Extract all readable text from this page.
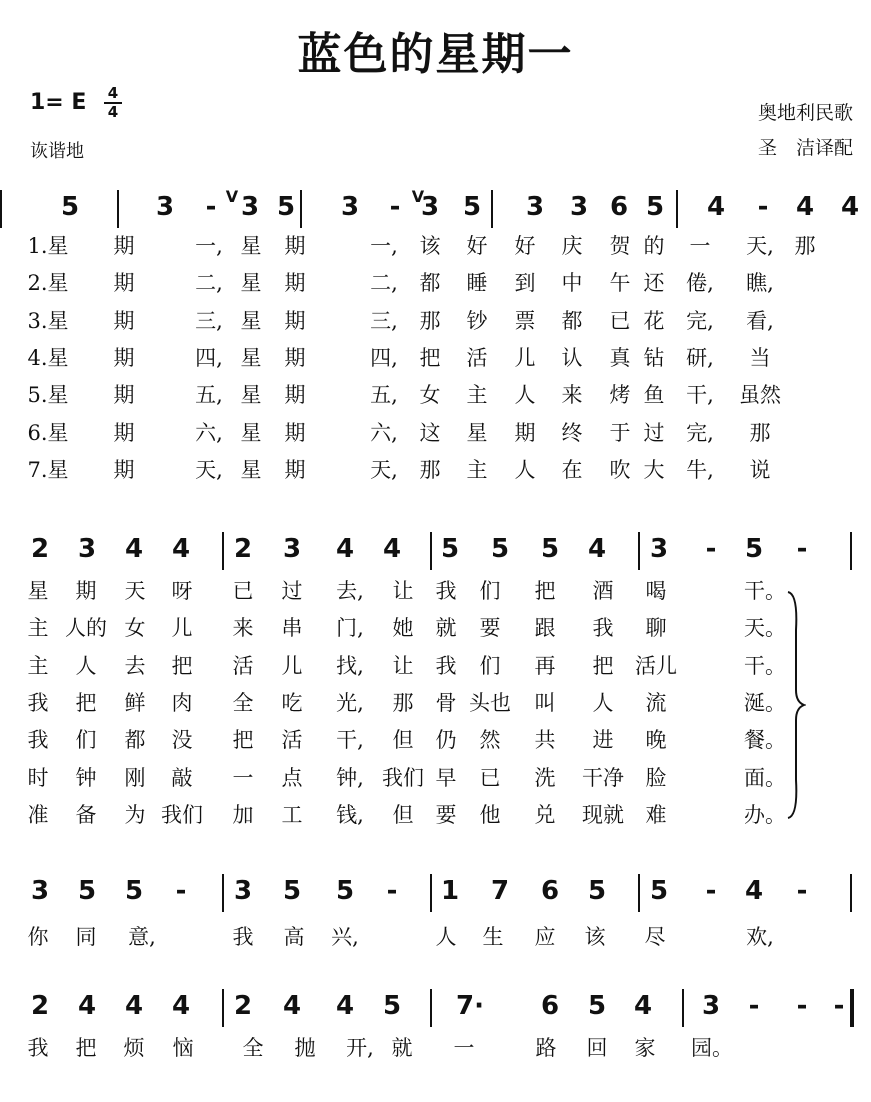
蓝色的星期一
1= E 4
4
诙谐地
奥地利民歌
圣　洁译配
5	3 - 3 5 3 - 3 5 3 3 6 5 4 - 4 4
V	V
1.星 期	一, 星 期	一, 该 好 好 庆 贺 的 一 天, 那
2.星 期	二, 星 期	二, 都 睡 到 中 午 还 倦, 瞧,
3.星 期	三, 星 期	三, 那 钞 票 都 已 花 完, 看,
4.星 期	四, 星 期	四, 把 活 儿 认 真 钻 研, 当
5.星 期	五, 星 期	五, 女 主 人 来 烤 鱼 干, 虽然
6.星 期	六, 星 期	六, 这 星 期 终 于 过 完, 那
7.星 期	天, 星 期	天, 那 主 人 在 吹 大 牛, 说
2 3 4 4 2 3 4 4 5 5 5 4 3 - 5 -
星 期 天 呀 已 过 去, 让 我 们 把 酒 喝	干。
主 人的 女 儿 来 串 门, 她 就 要 跟 我 聊	天。
主 人 去 把 活 儿 找, 让 我 们 再 把 活儿	干。
我 把 鲜 肉 全 吃 光, 那 骨 头也 叫 人 流	涎。
我 们 都 没 把 活 干, 但 仍 然 共 进 晚	餐。
时 钟 刚 敲 一 点 钟, 我们 早 已 洗 干净 脸	面。
准 备 为 我们 加 工 钱, 但 要 他 兑 现就 难	办。
3 5 5 - 3 5 5 - 1 7 6 5 5 - 4 -
你 同 意,	我 高 兴,	人 生 应 该 尽	欢,
2 4 4 4 2 4 4 5 7· 6 5 4 3 - - -
我 把 烦 恼 全 抛 开, 就 一	路 回 家 园。
